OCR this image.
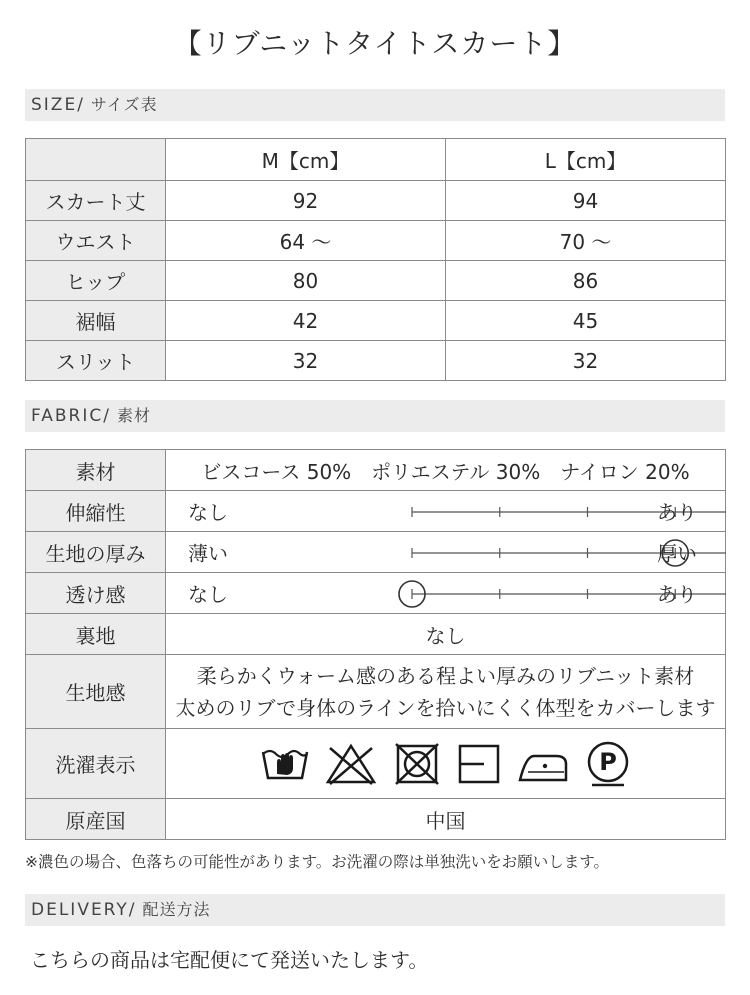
【リブニットタイトスカート】
SIZE/ サイズ表
	M【cm】	L【cm】
スカート丈	92	94
ウエスト	64 〜	70 〜
ヒップ	80	86
裾幅	42	45
スリット	32	32
FABRIC/ 素材
素材	ビスコース 50%　ポリエステル 30%　ナイロン 20%
伸縮性	なし あり

生地の厚み	薄い 厚い

透け感	なし あり

裏地	なし
生地感	柔らかくウォーム感のある程よい厚みのリブニット素材
太めのリブで身体のラインを拾いにくく体型をカバーします

洗濯表示	P

原産国	中国
※濃色の場合、色落ちの可能性があります。お洗濯の際は単独洗いをお願いします。
DELIVERY/ 配送方法
こちらの商品は宅配便にて発送いたします。
